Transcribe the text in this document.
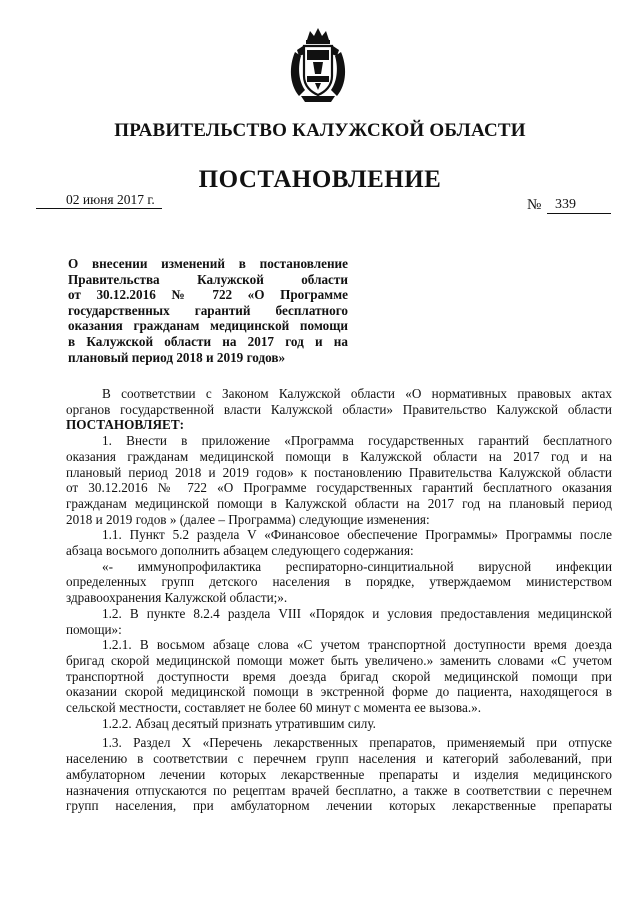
ПРАВИТЕЛЬСТВО КАЛУЖСКОЙ ОБЛАСТИ
ПОСТАНОВЛЕНИЕ
02 июня 2017 г.	№ 339
О внесении изменений в постановление
Правительства Калужской области
от 30.12.2016 № 722 «О Программе
государственных гарантий бесплатного
оказания гражданам медицинской помощи
в Калужской области на 2017 год и на
плановый период 2018 и 2019 годов»
В соответствии с Законом Калужской области «О нормативных правовых актах
органов государственной власти Калужской области» Правительство Калужской области
ПОСТАНОВЛЯЕТ:
1. Внести в приложение «Программа государственных гарантий бесплатного
оказания гражданам медицинской помощи в Калужской области на 2017 год и на
плановый период 2018 и 2019 годов» к постановлению Правительства Калужской области
от 30.12.2016 № 722 «О Программе государственных гарантий бесплатного оказания
гражданам медицинской помощи в Калужской области на 2017 год на плановый период
2018 и 2019 годов » (далее – Программа) следующие изменения:
1.1. Пункт 5.2 раздела V «Финансовое обеспечение Программы» Программы после
абзаца восьмого дополнить абзацем следующего содержания:
«- иммунопрофилактика респираторно-синцитиальной вирусной инфекции
определенных групп детского населения в порядке, утверждаемом министерством
здравоохранения Калужской области;».
1.2. В пункте 8.2.4 раздела VIII «Порядок и условия предоставления медицинской
помощи»:
1.2.1. В восьмом абзаце слова «С учетом транспортной доступности время доезда
бригад скорой медицинской помощи может быть увеличено.» заменить словами «С учетом
транспортной доступности время доезда бригад скорой медицинской помощи при
оказании скорой медицинской помощи в экстренной форме до пациента, находящегося в
сельской местности, составляет не более 60 минут с момента ее вызова.».
1.2.2. Абзац десятый признать утратившим силу.
1.3. Раздел X «Перечень лекарственных препаратов, применяемый при отпуске
населению в соответствии с перечнем групп населения и категорий заболеваний, при
амбулаторном лечении которых лекарственные препараты и изделия медицинского
назначения отпускаются по рецептам врачей бесплатно, а также в соответствии с перечнем
групп населения, при амбулаторном лечении которых лекарственные препараты
